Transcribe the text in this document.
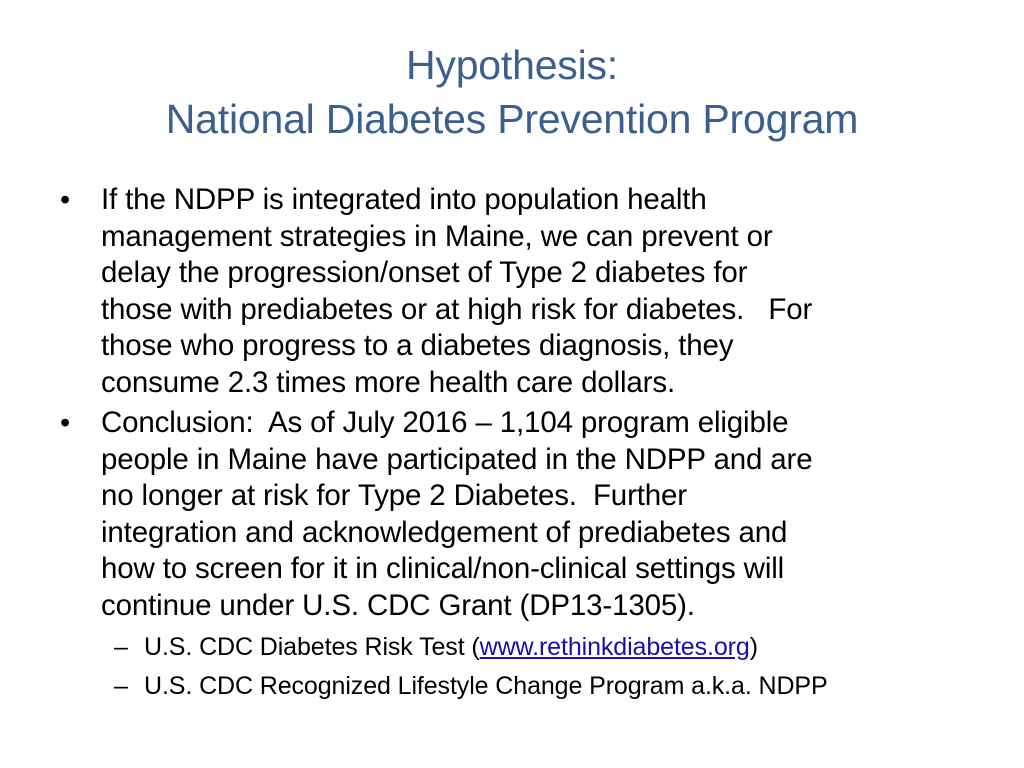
Hypothesis:
National Diabetes Prevention Program
•	If the NDPP is integrated into population health
management strategies in Maine, we can prevent or
delay the progression/onset of Type 2 diabetes for
those with prediabetes or at high risk for diabetes.   For
those who progress to a diabetes diagnosis, they
consume 2.3 times more health care dollars.
•	Conclusion:  As of July 2016 – 1,104 program eligible
people in Maine have participated in the NDPP and are
no longer at risk for Type 2 Diabetes.  Further
integration and acknowledgement of prediabetes and
how to screen for it in clinical/non-clinical settings will
continue under U.S. CDC Grant (DP13-1305).
– U.S. CDC Diabetes Risk Test (www.rethinkdiabetes.org)
– U.S. CDC Recognized Lifestyle Change Program a.k.a. NDPP
